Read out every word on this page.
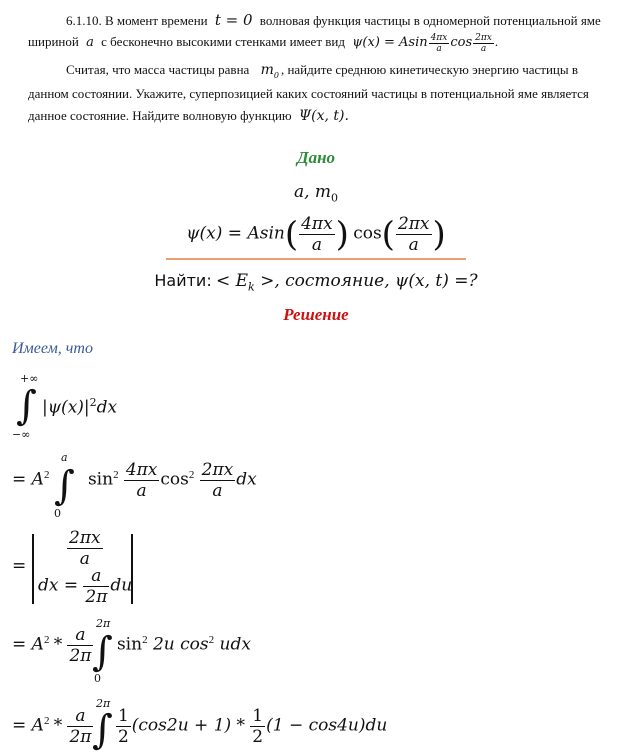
6.1.10. В момент времени t = 0 волновая функция частицы в одномерной потенциальной яме
шириной a с бесконечно высокими стенками имеет вид ψ(x) = Asin $\frac{4\pi x}{a}$ $\cos \frac{2\pi x}{a}$ .
Считая, что масса частицы равна $m_0$ , найдите среднюю кинетическую энергию частицы в
данном состоянии. Укажите, суперпозицией каких состояний частицы в потенциальной яме является
данное состояние. Найдите волновую функцию Ψ(x, t).
Дано
a, $m_0$
$\psi(x) = Asin( \frac{4\pi x}{a}$ ) $\cos( \frac{2\pi x}{a}$ )
Найти: < $E_k$ >, состояние, ψ(x, t) =?
Решение
Имеем, что
+∞
∫
−∞
$|\psi(x)|^2dx$
a
∫
0
= $A^2$ $\sin^2 \frac{4\pi x}{a} \cos^2 \frac{2\pi x}{a}$ dx
= $\frac{2\pi x}{a}$
dx = $\frac{a}{2\pi}$ du
2π
∫
0
= $A^2 * \frac{a}{2\pi} \sin^2 2u$ $\cos^2$ udx
2π
∫
= $A^2 * \frac{a}{2\pi}$
$\frac{1}{2} (\cos 2u + 1) * \frac{1}{2} (1 - \cos 4u)du$
